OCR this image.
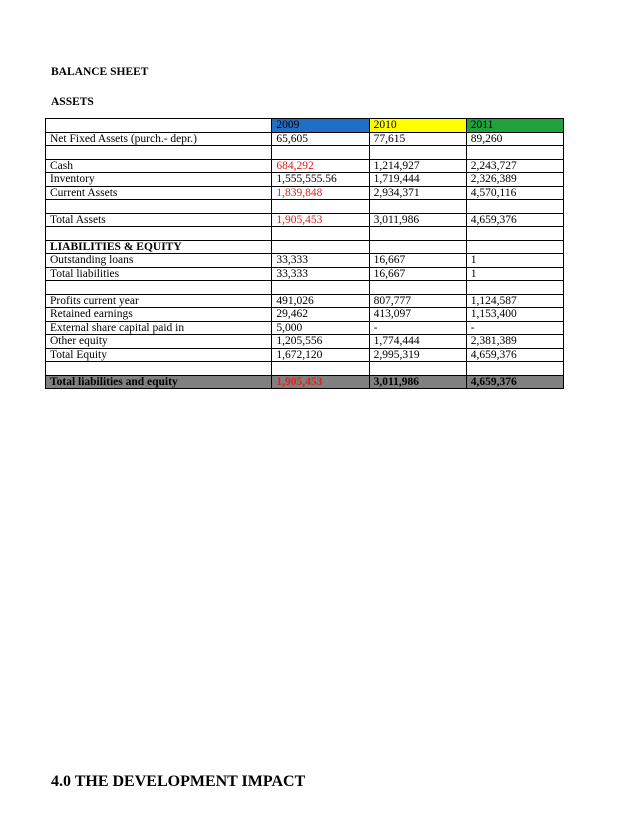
BALANCE SHEET
ASSETS
	2009	2010	2011
Net Fixed Assets (purch.- depr.)	65,605	77,615	89,260

Cash	684,292	1,214,927	2,243,727
Inventory	1,555,555.56	1,719,444	2,326,389
Current Assets	1,839,848	2,934,371	4,570,116

Total Assets	1,905,453	3,011,986	4,659,376

LIABILITIES & EQUITY			
Outstanding loans	33,333	16,667	1
Total liabilities	33,333	16,667	1

Profits current year	491,026	807,777	1,124,587
Retained earnings	29,462	413,097	1,153,400
External share capital paid in	5,000	-	-
Other equity	1,205,556	1,774,444	2,381,389
Total Equity	1,672,120	2,995,319	4,659,376

Total liabilities and equity	1,905,453	3,011,986	4,659,376
4.0 THE DEVELOPMENT IMPACT
